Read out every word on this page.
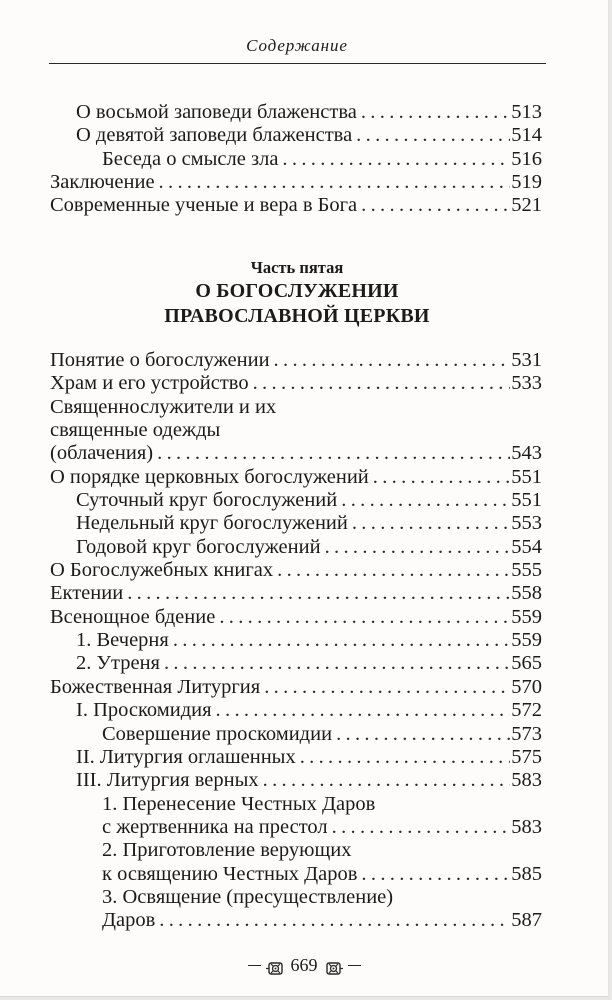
Содержание
О восьмой заповеди блаженства . . .	513
О девятой заповеди блаженства . . .	514
Беседа о смысле зла . . .	516
Заключение . . .	519
Современные ученые и вера в Бога . . .	521
Часть пятая
О БОГОСЛУЖЕНИИ
ПРАВОСЛАВНОЙ ЦЕРКВИ
Понятие о богослужении . . .	531
Храм и его устройство . . .	533
Священнослужители и их
священные одежды
(облачения) . . .	543
О порядке церковных богослужений . . .	551
Суточный круг богослужений . . .	551
Недельный круг богослужений . . .	553
Годовой круг богослужений . . .	554
О Богослужебных книгах . . .	555
Ектении . . .	558
Всенощное бдение . . .	559
1. Вечерня . . .	559
2. Утреня . . .	565
Божественная Литургия . . .	570
I. Проскомидия . . .	572
Совершение проскомидии . . .	573
II. Литургия оглашенных . . .	575
III. Литургия верных . . .	583
1. Перенесение Честных Даров
с жертвенника на престол . . .	583
2. Приготовление верующих
к освящению Честных Даров . . .	585
3. Освящение (пресуществление)
Даров . . .	587
669
